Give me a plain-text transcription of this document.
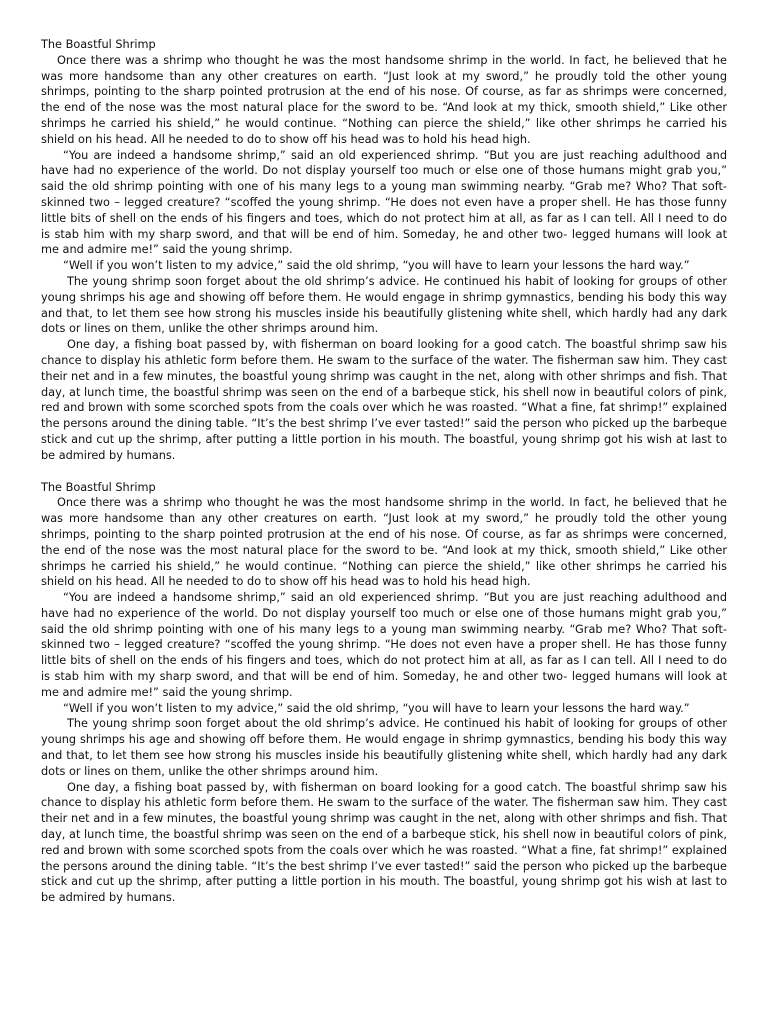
The Boastful Shrimp

Once there was a shrimp who thought he was the most handsome shrimp in the world. In fact, he believed that he was more handsome than any other creatures on earth. “Just look at my sword,” he proudly told the other young shrimps, pointing to the sharp pointed protrusion at the end of his nose. Of course, as far as shrimps were concerned, the end of the nose was the most natural place for the sword to be. “And look at my thick, smooth shield,” Like other shrimps he carried his shield,” he would continue. “Nothing can pierce the shield,” like other shrimps he carried his shield on his head. All he needed to do to show off his head was to hold his head high.

“You are indeed a handsome shrimp,” said an old experienced shrimp. “But you are just reaching adulthood and have had no experience of the world. Do not display yourself too much or else one of those humans might grab you,” said the old shrimp pointing with one of his many legs to a young man swimming nearby. “Grab me? Who? That soft- skinned two – legged creature? “scoffed the young shrimp. “He does not even have a proper shell. He has those funny little bits of shell on the ends of his fingers and toes, which do not protect him at all, as far as I can tell. All I need to do is stab him with my sharp sword, and that will be end of him. Someday, he and other two- legged humans will look at me and admire me!” said the young shrimp.

“Well if you won’t listen to my advice,” said the old shrimp, “you will have to learn your lessons the hard way.”

The young shrimp soon forget about the old shrimp’s advice. He continued his habit of looking for groups of other young shrimps his age and showing off before them. He would engage in shrimp gymnastics, bending his body this way and that, to let them see how strong his muscles inside his beautifully glistening white shell, which hardly had any dark dots or lines on them, unlike the other shrimps around him.

One day, a fishing boat passed by, with fisherman on board looking for a good catch. The boastful shrimp saw his chance to display his athletic form before them. He swam to the surface of the water. The fisherman saw him. They cast their net and in a few minutes, the boastful young shrimp was caught in the net, along with other shrimps and fish. That day, at lunch time, the boastful shrimp was seen on the end of a barbeque stick, his shell now in beautiful colors of pink, red and brown with some scorched spots from the coals over which he was roasted. “What a fine, fat shrimp!” explained the persons around the dining table. “It’s the best shrimp I’ve ever tasted!” said the person who picked up the barbeque stick and cut up the shrimp, after putting a little portion in his mouth. The boastful, young shrimp got his wish at last to be admired by humans.

The Boastful Shrimp

Once there was a shrimp who thought he was the most handsome shrimp in the world. In fact, he believed that he was more handsome than any other creatures on earth. “Just look at my sword,” he proudly told the other young shrimps, pointing to the sharp pointed protrusion at the end of his nose. Of course, as far as shrimps were concerned, the end of the nose was the most natural place for the sword to be. “And look at my thick, smooth shield,” Like other shrimps he carried his shield,” he would continue. “Nothing can pierce the shield,” like other shrimps he carried his shield on his head. All he needed to do to show off his head was to hold his head high.

“You are indeed a handsome shrimp,” said an old experienced shrimp. “But you are just reaching adulthood and have had no experience of the world. Do not display yourself too much or else one of those humans might grab you,” said the old shrimp pointing with one of his many legs to a young man swimming nearby. “Grab me? Who? That soft- skinned two – legged creature? “scoffed the young shrimp. “He does not even have a proper shell. He has those funny little bits of shell on the ends of his fingers and toes, which do not protect him at all, as far as I can tell. All I need to do is stab him with my sharp sword, and that will be end of him. Someday, he and other two- legged humans will look at me and admire me!” said the young shrimp.

“Well if you won’t listen to my advice,” said the old shrimp, “you will have to learn your lessons the hard way.”

The young shrimp soon forget about the old shrimp’s advice. He continued his habit of looking for groups of other young shrimps his age and showing off before them. He would engage in shrimp gymnastics, bending his body this way and that, to let them see how strong his muscles inside his beautifully glistening white shell, which hardly had any dark dots or lines on them, unlike the other shrimps around him.

One day, a fishing boat passed by, with fisherman on board looking for a good catch. The boastful shrimp saw his chance to display his athletic form before them. He swam to the surface of the water. The fisherman saw him. They cast their net and in a few minutes, the boastful young shrimp was caught in the net, along with other shrimps and fish. That day, at lunch time, the boastful shrimp was seen on the end of a barbeque stick, his shell now in beautiful colors of pink, red and brown with some scorched spots from the coals over which he was roasted. “What a fine, fat shrimp!” explained the persons around the dining table. “It’s the best shrimp I’ve ever tasted!” said the person who picked up the barbeque stick and cut up the shrimp, after putting a little portion in his mouth. The boastful, young shrimp got his wish at last to be admired by humans.
